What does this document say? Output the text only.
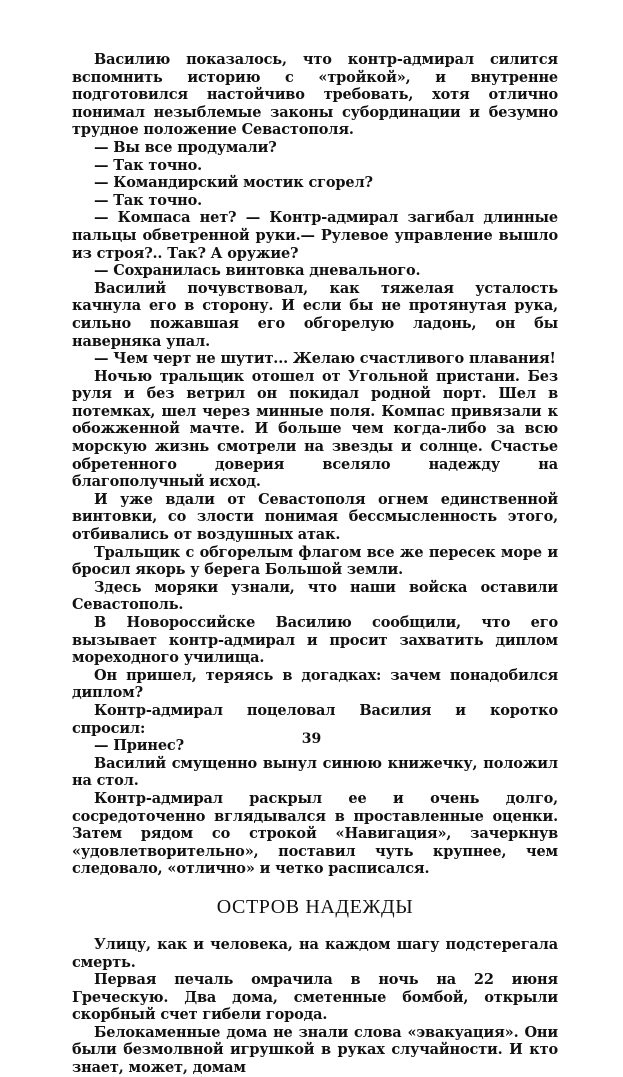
Василию показалось, что контр-адмирал силится вспомнить историю с «тройкой», и внутренне подготовился настойчиво требовать, хотя отлично понимал незыблемые законы субординации и безумно трудное положение Севастополя.

— Вы все продумали?

— Так точно.

— Командирский мостик сгорел?

— Так точно.

— Компаса нет? — Контр-адмирал загибал длинные пальцы обветренной руки.— Рулевое управление вышло из строя?.. Так? А оружие?

— Сохранилась винтовка дневального.

Василий почувствовал, как тяжелая усталость качнула его в сторону. И если бы не протянутая рука, сильно пожавшая его обгорелую ладонь, он бы наверняка упал.

— Чем черт не шутит... Желаю счастливого плавания!

Ночью тральщик отошел от Угольной пристани. Без руля и без ветрил он покидал родной порт. Шел в потемках, шел через минные поля. Компас привязали к обожженной мачте. И больше чем когда-либо за всю морскую жизнь смотрели на звезды и солнце. Счастье обретенного доверия вселяло надежду на благополучный исход.

И уже вдали от Севастополя огнем единственной винтовки, со злости понимая бессмысленность этого, отбивались от воздушных атак.

Тральщик с обгорелым флагом все же пересек море и бросил якорь у берега Большой земли.

Здесь моряки узнали, что наши войска оставили Севастополь.

В Новороссийске Василию сообщили, что его вызывает контр-адмирал и просит захватить диплом мореходного училища.

Он пришел, теряясь в догадках: зачем понадобился диплом?

Контр-адмирал поцеловал Василия и коротко спросил:

— Принес?

Василий смущенно вынул синюю книжечку, положил на стол.

Контр-адмирал раскрыл ее и очень долго, сосредоточенно вглядывался в проставленные оценки. Затем рядом со строкой «Навигация», зачеркнув «удовлетворительно», поставил чуть крупнее, чем следовало, «отлично» и четко расписался.

ОСТРОВ НАДЕЖДЫ

Улицу, как и человека, на каждом шагу подстерегала смерть.

Первая печаль омрачила в ночь на 22 июня Греческую. Два дома, сметенные бомбой, открыли скорбный счет гибели города.

Белокаменные дома не знали слова «эвакуация». Они были безмолвной игрушкой в руках случайности. И кто знает, может, домам

39
